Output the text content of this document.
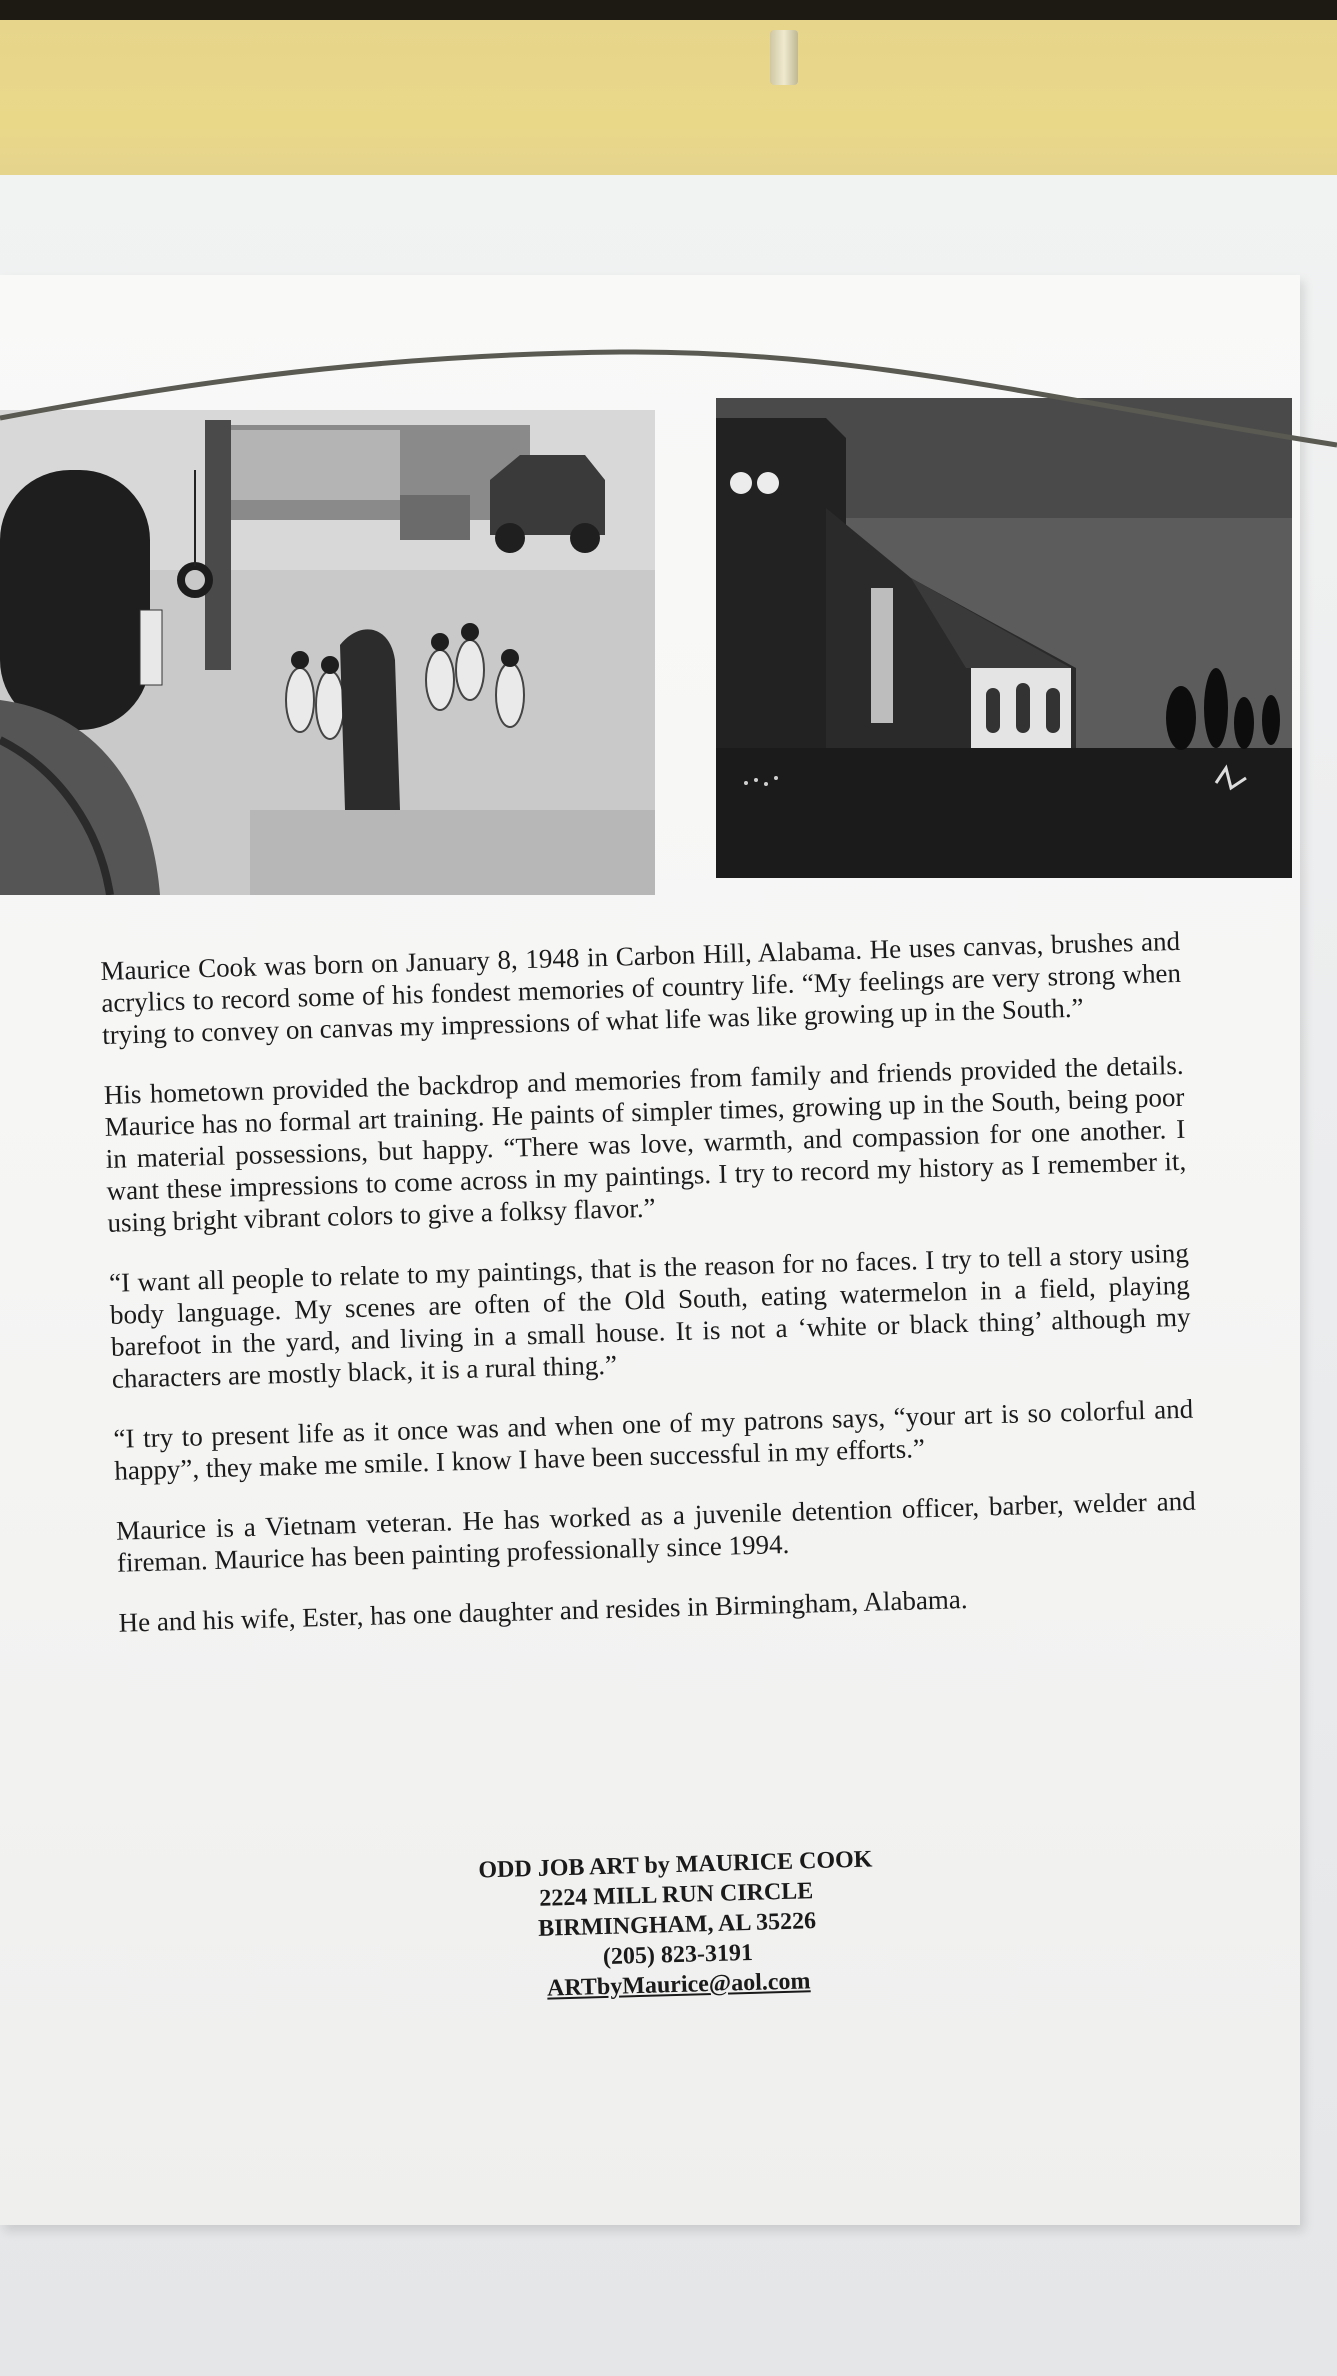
Maurice Cook was born on January 8, 1948 in Carbon Hill, Alabama. He uses canvas, brushes and acrylics to record some of his fondest memories of country life. “My feelings are very strong when trying to convey on canvas my impressions of what life was like growing up in the South.”

His hometown provided the backdrop and memories from family and friends provided the details. Maurice has no formal art training. He paints of simpler times, growing up in the South, being poor in material possessions, but happy. “There was love, warmth, and compassion for one another. I want these impressions to come across in my paintings. I try to record my history as I remember it, using bright vibrant colors to give a folksy flavor.”

“I want all people to relate to my paintings, that is the reason for no faces. I try to tell a story using body language. My scenes are often of the Old South, eating watermelon in a field, playing barefoot in the yard, and living in a small house. It is not a ‘white or black thing’ although my characters are mostly black, it is a rural thing.”

“I try to present life as it once was and when one of my patrons says, “your art is so colorful and happy”, they make me smile. I know I have been successful in my efforts.”

Maurice is a Vietnam veteran. He has worked as a juvenile detention officer, barber, welder and fireman. Maurice has been painting professionally since 1994.

He and his wife, Ester, has one daughter and resides in Birmingham, Alabama.

ODD JOB ART by MAURICE COOK
2224 MILL RUN CIRCLE
BIRMINGHAM, AL 35226
(205) 823-3191
ARTbyMaurice@aol.com
